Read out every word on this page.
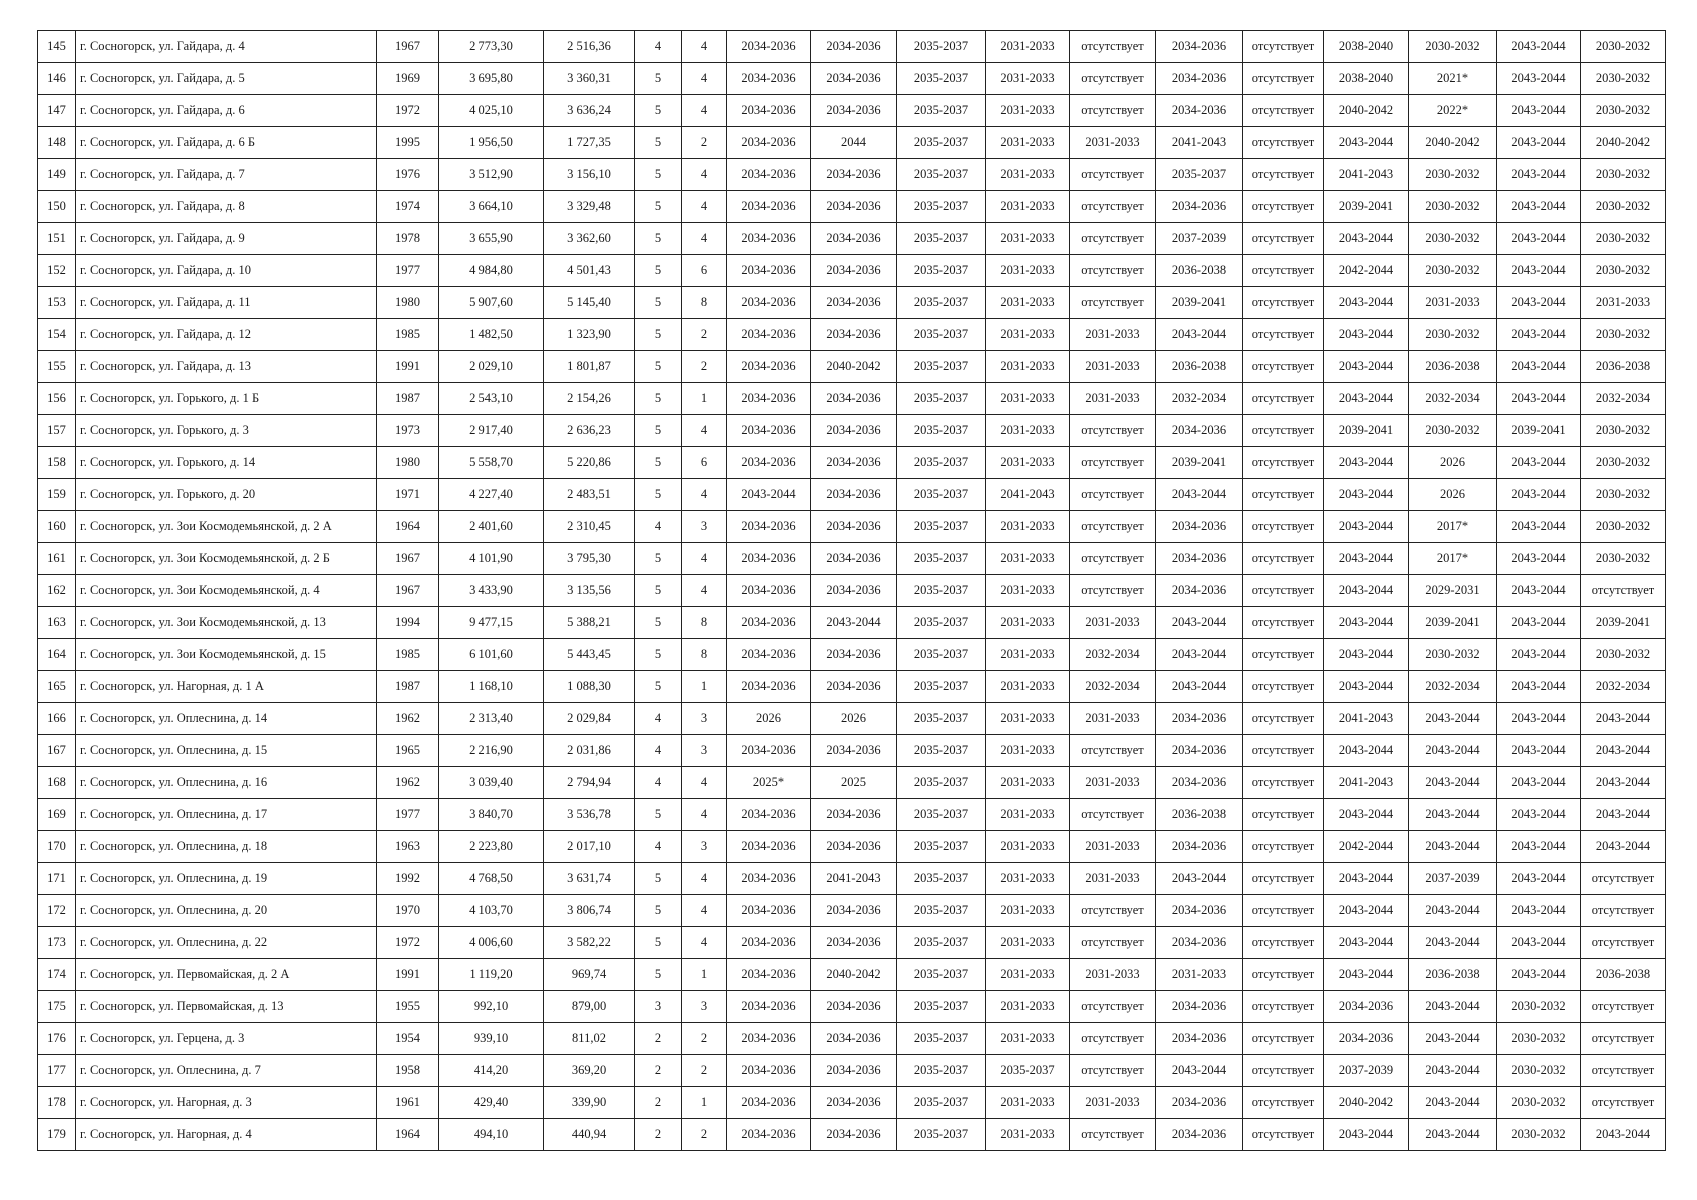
145	г. Сосногорск, ул. Гайдара, д. 4	1967	2 773,30	2 516,36	4	4	2034-2036	2034-2036	2035-2037	2031-2033	отсутствует	2034-2036	отсутствует	2038-2040	2030-2032	2043-2044	2030-2032
146	г. Сосногорск, ул. Гайдара, д. 5	1969	3 695,80	3 360,31	5	4	2034-2036	2034-2036	2035-2037	2031-2033	отсутствует	2034-2036	отсутствует	2038-2040	2021*	2043-2044	2030-2032
147	г. Сосногорск, ул. Гайдара, д. 6	1972	4 025,10	3 636,24	5	4	2034-2036	2034-2036	2035-2037	2031-2033	отсутствует	2034-2036	отсутствует	2040-2042	2022*	2043-2044	2030-2032
148	г. Сосногорск, ул. Гайдара, д. 6 Б	1995	1 956,50	1 727,35	5	2	2034-2036	2044	2035-2037	2031-2033	2031-2033	2041-2043	отсутствует	2043-2044	2040-2042	2043-2044	2040-2042
149	г. Сосногорск, ул. Гайдара, д. 7	1976	3 512,90	3 156,10	5	4	2034-2036	2034-2036	2035-2037	2031-2033	отсутствует	2035-2037	отсутствует	2041-2043	2030-2032	2043-2044	2030-2032
150	г. Сосногорск, ул. Гайдара, д. 8	1974	3 664,10	3 329,48	5	4	2034-2036	2034-2036	2035-2037	2031-2033	отсутствует	2034-2036	отсутствует	2039-2041	2030-2032	2043-2044	2030-2032
151	г. Сосногорск, ул. Гайдара, д. 9	1978	3 655,90	3 362,60	5	4	2034-2036	2034-2036	2035-2037	2031-2033	отсутствует	2037-2039	отсутствует	2043-2044	2030-2032	2043-2044	2030-2032
152	г. Сосногорск, ул. Гайдара, д. 10	1977	4 984,80	4 501,43	5	6	2034-2036	2034-2036	2035-2037	2031-2033	отсутствует	2036-2038	отсутствует	2042-2044	2030-2032	2043-2044	2030-2032
153	г. Сосногорск, ул. Гайдара, д. 11	1980	5 907,60	5 145,40	5	8	2034-2036	2034-2036	2035-2037	2031-2033	отсутствует	2039-2041	отсутствует	2043-2044	2031-2033	2043-2044	2031-2033
154	г. Сосногорск, ул. Гайдара, д. 12	1985	1 482,50	1 323,90	5	2	2034-2036	2034-2036	2035-2037	2031-2033	2031-2033	2043-2044	отсутствует	2043-2044	2030-2032	2043-2044	2030-2032
155	г. Сосногорск, ул. Гайдара, д. 13	1991	2 029,10	1 801,87	5	2	2034-2036	2040-2042	2035-2037	2031-2033	2031-2033	2036-2038	отсутствует	2043-2044	2036-2038	2043-2044	2036-2038
156	г. Сосногорск, ул. Горького, д. 1 Б	1987	2 543,10	2 154,26	5	1	2034-2036	2034-2036	2035-2037	2031-2033	2031-2033	2032-2034	отсутствует	2043-2044	2032-2034	2043-2044	2032-2034
157	г. Сосногорск, ул. Горького, д. 3	1973	2 917,40	2 636,23	5	4	2034-2036	2034-2036	2035-2037	2031-2033	отсутствует	2034-2036	отсутствует	2039-2041	2030-2032	2039-2041	2030-2032
158	г. Сосногорск, ул. Горького, д. 14	1980	5 558,70	5 220,86	5	6	2034-2036	2034-2036	2035-2037	2031-2033	отсутствует	2039-2041	отсутствует	2043-2044	2026	2043-2044	2030-2032
159	г. Сосногорск, ул. Горького, д. 20	1971	4 227,40	2 483,51	5	4	2043-2044	2034-2036	2035-2037	2041-2043	отсутствует	2043-2044	отсутствует	2043-2044	2026	2043-2044	2030-2032
160	г. Сосногорск, ул. Зои Космодемьянской, д. 2 А	1964	2 401,60	2 310,45	4	3	2034-2036	2034-2036	2035-2037	2031-2033	отсутствует	2034-2036	отсутствует	2043-2044	2017*	2043-2044	2030-2032
161	г. Сосногорск, ул. Зои Космодемьянской, д. 2 Б	1967	4 101,90	3 795,30	5	4	2034-2036	2034-2036	2035-2037	2031-2033	отсутствует	2034-2036	отсутствует	2043-2044	2017*	2043-2044	2030-2032
162	г. Сосногорск, ул. Зои Космодемьянской, д. 4	1967	3 433,90	3 135,56	5	4	2034-2036	2034-2036	2035-2037	2031-2033	отсутствует	2034-2036	отсутствует	2043-2044	2029-2031	2043-2044	отсутствует
163	г. Сосногорск, ул. Зои Космодемьянской, д. 13	1994	9 477,15	5 388,21	5	8	2034-2036	2043-2044	2035-2037	2031-2033	2031-2033	2043-2044	отсутствует	2043-2044	2039-2041	2043-2044	2039-2041
164	г. Сосногорск, ул. Зои Космодемьянской, д. 15	1985	6 101,60	5 443,45	5	8	2034-2036	2034-2036	2035-2037	2031-2033	2032-2034	2043-2044	отсутствует	2043-2044	2030-2032	2043-2044	2030-2032
165	г. Сосногорск, ул. Нагорная, д. 1 А	1987	1 168,10	1 088,30	5	1	2034-2036	2034-2036	2035-2037	2031-2033	2032-2034	2043-2044	отсутствует	2043-2044	2032-2034	2043-2044	2032-2034
166	г. Сосногорск, ул. Оплеснина, д. 14	1962	2 313,40	2 029,84	4	3	2026	2026	2035-2037	2031-2033	2031-2033	2034-2036	отсутствует	2041-2043	2043-2044	2043-2044	2043-2044
167	г. Сосногорск, ул. Оплеснина, д. 15	1965	2 216,90	2 031,86	4	3	2034-2036	2034-2036	2035-2037	2031-2033	отсутствует	2034-2036	отсутствует	2043-2044	2043-2044	2043-2044	2043-2044
168	г. Сосногорск, ул. Оплеснина, д. 16	1962	3 039,40	2 794,94	4	4	2025*	2025	2035-2037	2031-2033	2031-2033	2034-2036	отсутствует	2041-2043	2043-2044	2043-2044	2043-2044
169	г. Сосногорск, ул. Оплеснина, д. 17	1977	3 840,70	3 536,78	5	4	2034-2036	2034-2036	2035-2037	2031-2033	отсутствует	2036-2038	отсутствует	2043-2044	2043-2044	2043-2044	2043-2044
170	г. Сосногорск, ул. Оплеснина, д. 18	1963	2 223,80	2 017,10	4	3	2034-2036	2034-2036	2035-2037	2031-2033	2031-2033	2034-2036	отсутствует	2042-2044	2043-2044	2043-2044	2043-2044
171	г. Сосногорск, ул. Оплеснина, д. 19	1992	4 768,50	3 631,74	5	4	2034-2036	2041-2043	2035-2037	2031-2033	2031-2033	2043-2044	отсутствует	2043-2044	2037-2039	2043-2044	отсутствует
172	г. Сосногорск, ул. Оплеснина, д. 20	1970	4 103,70	3 806,74	5	4	2034-2036	2034-2036	2035-2037	2031-2033	отсутствует	2034-2036	отсутствует	2043-2044	2043-2044	2043-2044	отсутствует
173	г. Сосногорск, ул. Оплеснина, д. 22	1972	4 006,60	3 582,22	5	4	2034-2036	2034-2036	2035-2037	2031-2033	отсутствует	2034-2036	отсутствует	2043-2044	2043-2044	2043-2044	отсутствует
174	г. Сосногорск, ул. Первомайская, д. 2 А	1991	1 119,20	969,74	5	1	2034-2036	2040-2042	2035-2037	2031-2033	2031-2033	2031-2033	отсутствует	2043-2044	2036-2038	2043-2044	2036-2038
175	г. Сосногорск, ул. Первомайская, д. 13	1955	992,10	879,00	3	3	2034-2036	2034-2036	2035-2037	2031-2033	отсутствует	2034-2036	отсутствует	2034-2036	2043-2044	2030-2032	отсутствует
176	г. Сосногорск, ул. Герцена, д. 3	1954	939,10	811,02	2	2	2034-2036	2034-2036	2035-2037	2031-2033	отсутствует	2034-2036	отсутствует	2034-2036	2043-2044	2030-2032	отсутствует
177	г. Сосногорск, ул. Оплеснина, д. 7	1958	414,20	369,20	2	2	2034-2036	2034-2036	2035-2037	2035-2037	отсутствует	2043-2044	отсутствует	2037-2039	2043-2044	2030-2032	отсутствует
178	г. Сосногорск, ул. Нагорная, д. 3	1961	429,40	339,90	2	1	2034-2036	2034-2036	2035-2037	2031-2033	2031-2033	2034-2036	отсутствует	2040-2042	2043-2044	2030-2032	отсутствует
179	г. Сосногорск, ул. Нагорная, д. 4	1964	494,10	440,94	2	2	2034-2036	2034-2036	2035-2037	2031-2033	отсутствует	2034-2036	отсутствует	2043-2044	2043-2044	2030-2032	2043-2044
